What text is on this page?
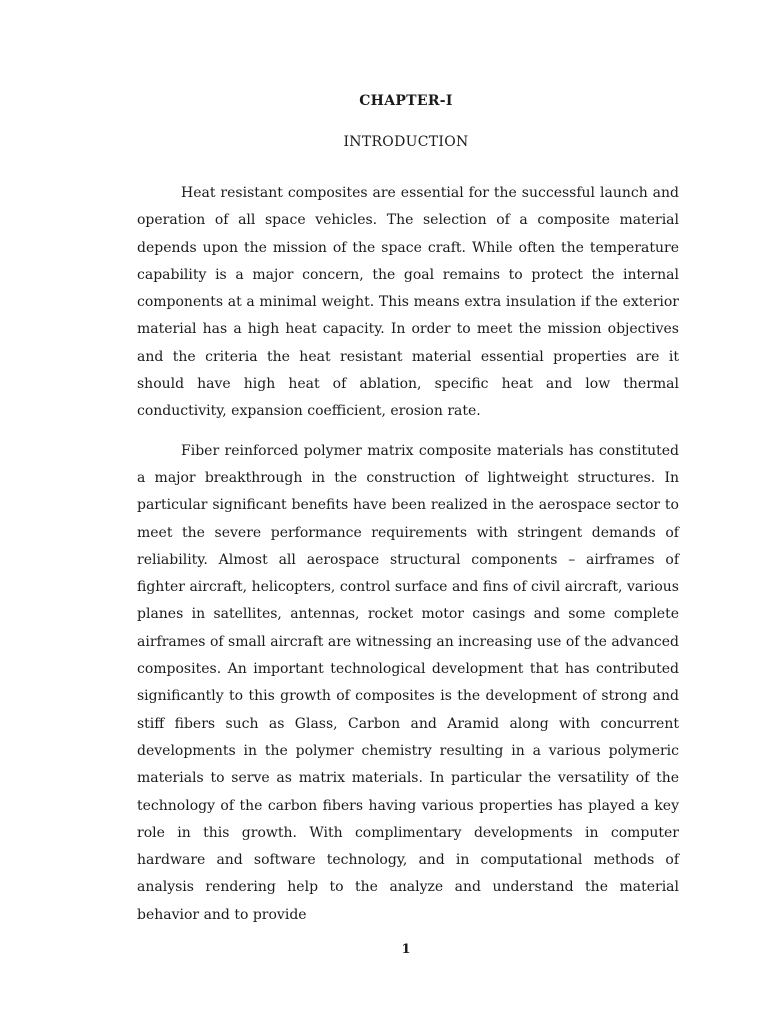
CHAPTER-I
INTRODUCTION

Heat resistant composites are essential for the successful launch and operation of all space vehicles. The selection of a composite material depends upon the mission of the space craft. While often the temperature capability is a major concern, the goal remains to protect the internal components at a minimal weight. This means extra insulation if the exterior material has a high heat capacity. In order to meet the mission objectives and the criteria the heat resistant material essential properties are it should have high heat of ablation, specific heat and low thermal conductivity, expansion coefficient, erosion rate.

Fiber reinforced polymer matrix composite materials has constituted a major breakthrough in the construction of lightweight structures. In particular significant benefits have been realized in the aerospace sector to meet the severe performance requirements with stringent demands of reliability. Almost all aerospace structural components – airframes of fighter aircraft, helicopters, control surface and fins of civil aircraft, various planes in satellites, antennas, rocket motor casings and some complete airframes of small aircraft are witnessing an increasing use of the advanced composites. An important technological development that has contributed significantly to this growth of composites is the development of strong and stiff fibers such as Glass, Carbon and Aramid along with concurrent developments in the polymer chemistry resulting in a various polymeric materials to serve as matrix materials. In particular the versatility of the technology of the carbon fibers having various properties has played a key role in this growth. With complimentary developments in computer hardware and software technology, and in computational methods of analysis rendering help to the analyze and understand the material behavior and to provide

1
